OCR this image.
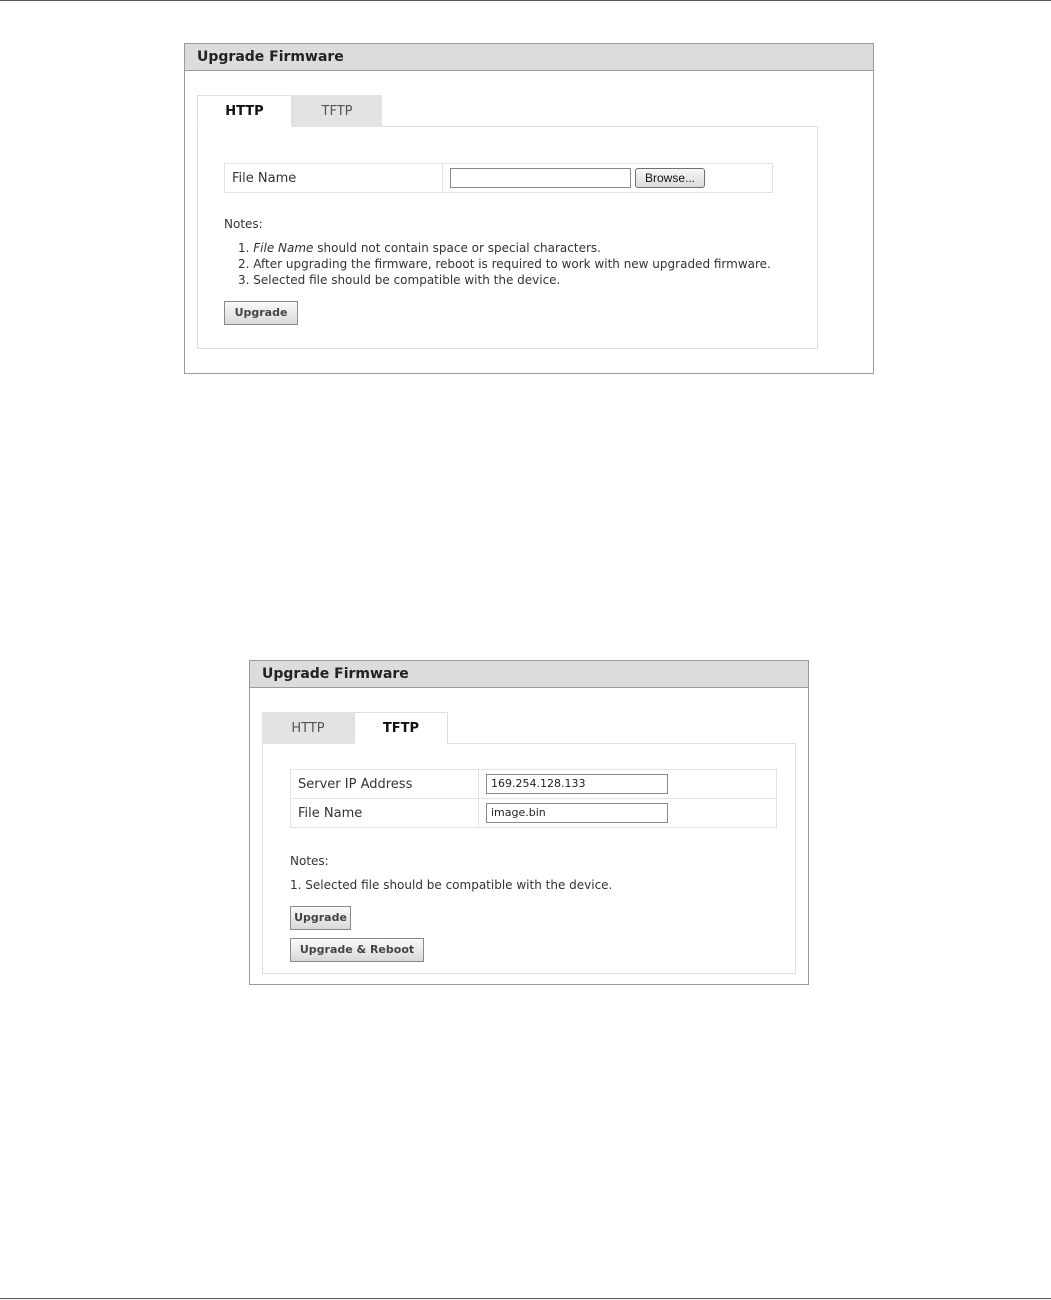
Upgrade Firmware
HTTP	TFTP
File Name	Browse...
Notes:
1. File Name should not contain space or special characters.
2. After upgrading the firmware, reboot is required to work with new upgraded firmware.
3. Selected file should be compatible with the device.
Upgrade
Upgrade Firmware
HTTP	TFTP
Server IP Address	169.254.128.133
File Name	image.bin
Notes:
1. Selected file should be compatible with the device.
Upgrade
Upgrade & Reboot
